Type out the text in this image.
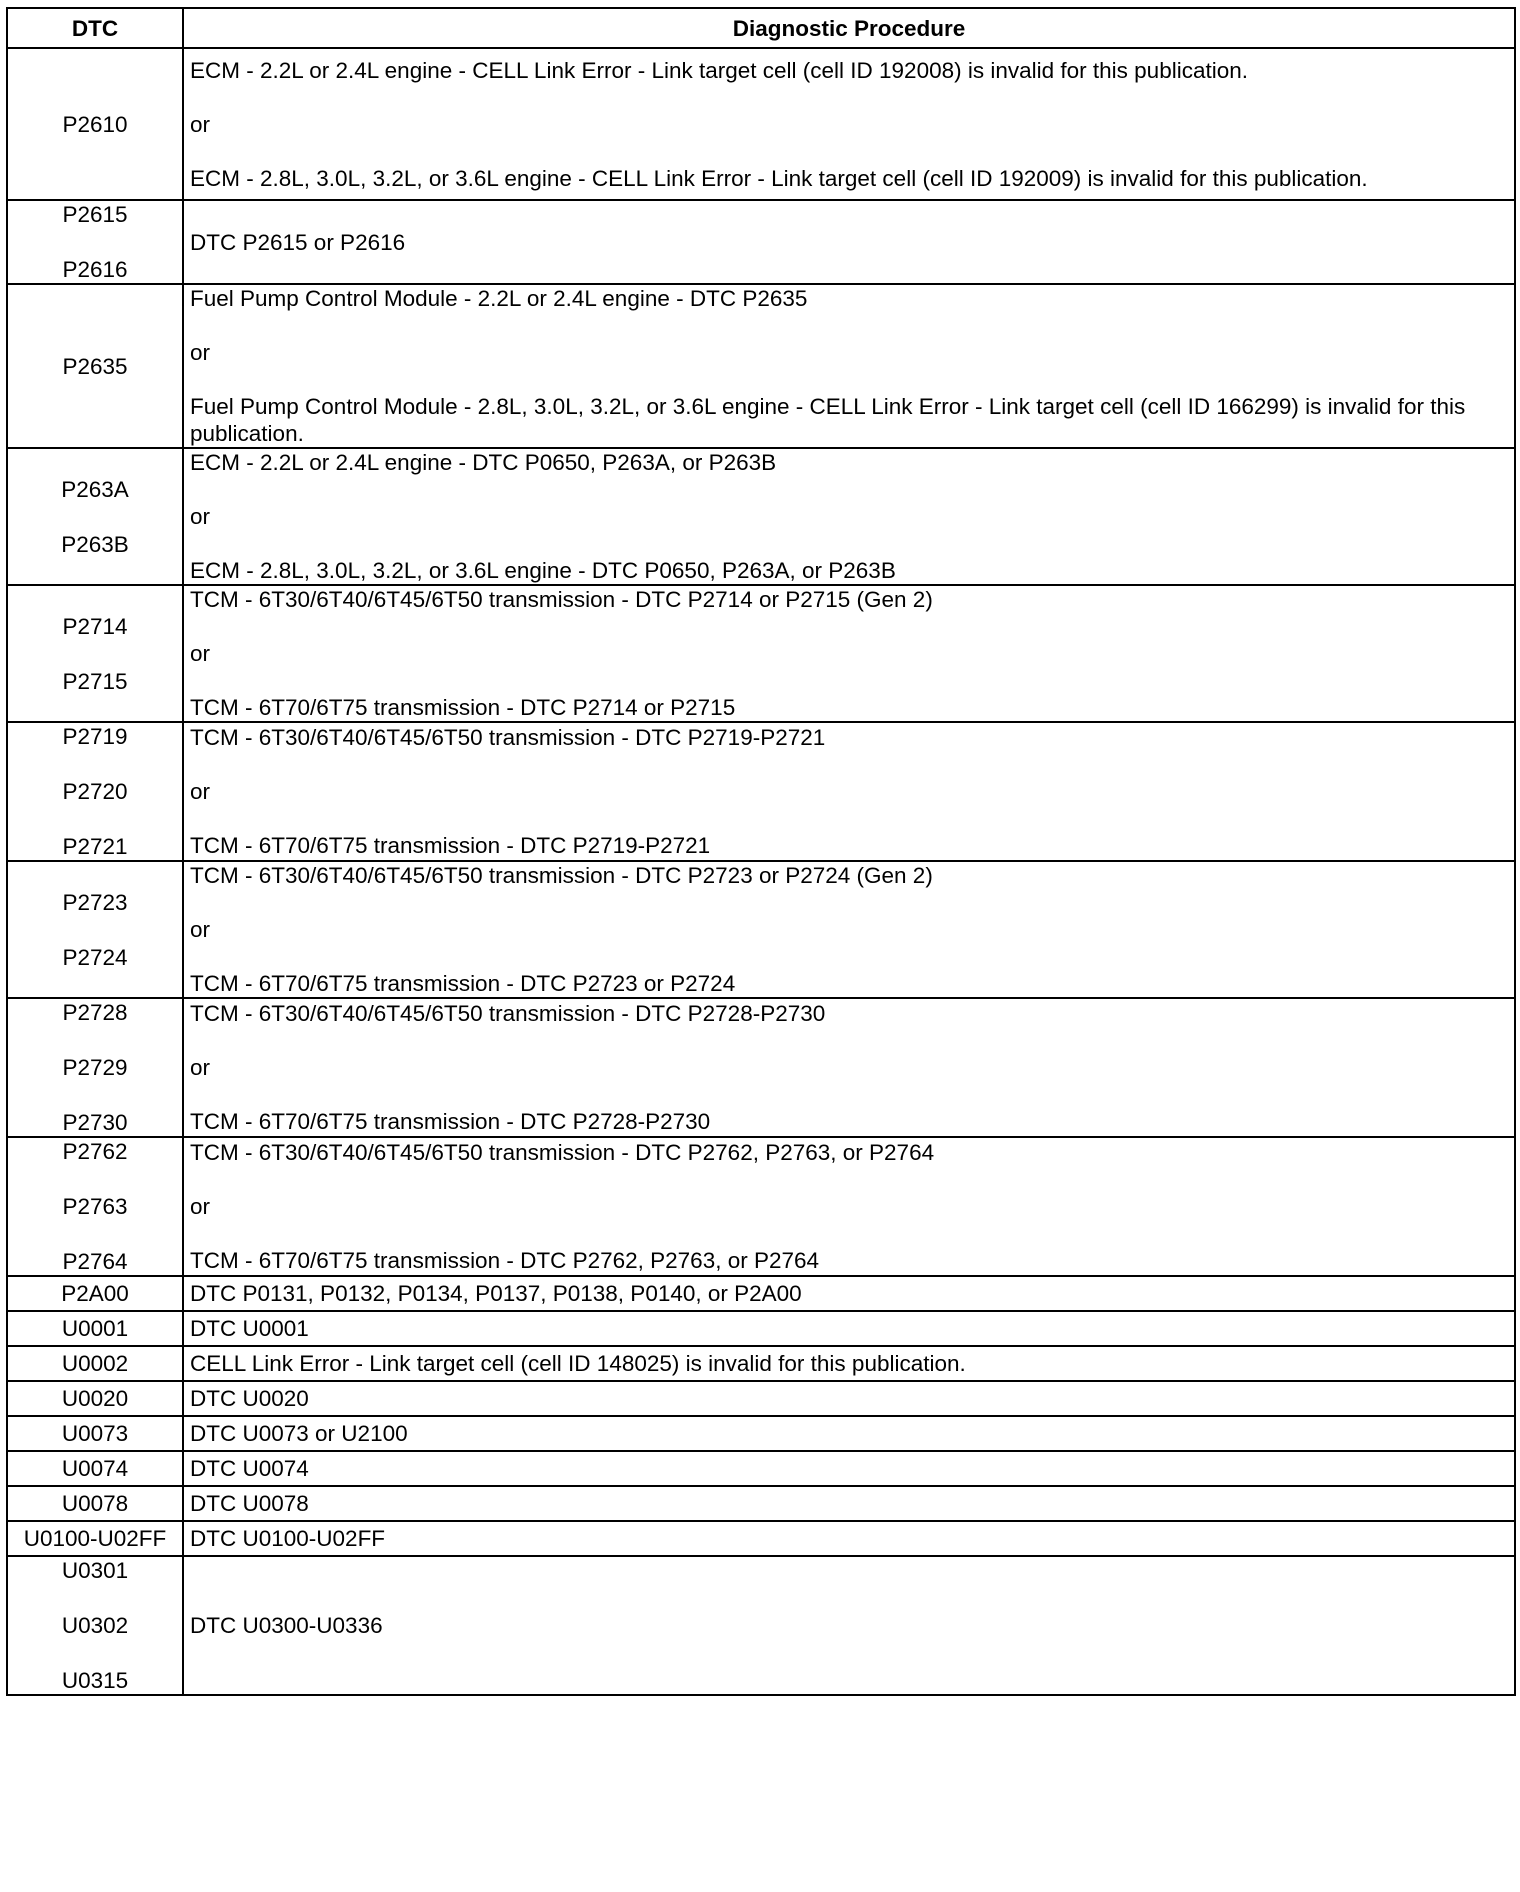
DTC	Diagnostic Procedure

P2610	ECM - 2.2L or 2.4L engine - CELL Link Error - Link target cell (cell ID 192008) is invalid for this publication.
or
ECM - 2.8L, 3.0L, 3.2L, or 3.6L engine - CELL Link Error - Link target cell (cell ID 192009) is invalid for this publication.

P2615
P2616	DTC P2615 or P2616

P2635	Fuel Pump Control Module - 2.2L or 2.4L engine - DTC P2635
or
Fuel Pump Control Module - 2.8L, 3.0L, 3.2L, or 3.6L engine - CELL Link Error - Link target cell (cell ID 166299) is invalid for this publication.

P263A
P263B	ECM - 2.2L or 2.4L engine - DTC P0650, P263A, or P263B
or
ECM - 2.8L, 3.0L, 3.2L, or 3.6L engine - DTC P0650, P263A, or P263B

P2714
P2715	TCM - 6T30/6T40/6T45/6T50 transmission - DTC P2714 or P2715 (Gen 2)
or
TCM - 6T70/6T75 transmission - DTC P2714 or P2715

P2719
P2720
P2721	TCM - 6T30/6T40/6T45/6T50 transmission - DTC P2719-P2721
or
TCM - 6T70/6T75 transmission - DTC P2719-P2721

P2723
P2724	TCM - 6T30/6T40/6T45/6T50 transmission - DTC P2723 or P2724 (Gen 2)
or
TCM - 6T70/6T75 transmission - DTC P2723 or P2724

P2728
P2729
P2730	TCM - 6T30/6T40/6T45/6T50 transmission - DTC P2728-P2730
or
TCM - 6T70/6T75 transmission - DTC P2728-P2730

P2762
P2763
P2764	TCM - 6T30/6T40/6T45/6T50 transmission - DTC P2762, P2763, or P2764
or
TCM - 6T70/6T75 transmission - DTC P2762, P2763, or P2764

P2A00	DTC P0131, P0132, P0134, P0137, P0138, P0140, or P2A00

U0001	DTC U0001

U0002	CELL Link Error - Link target cell (cell ID 148025) is invalid for this publication.

U0020	DTC U0020

U0073	DTC U0073 or U2100

U0074	DTC U0074

U0078	DTC U0078

U0100-U02FF	DTC U0100-U02FF

U0301
U0302
U0315	DTC U0300-U0336
